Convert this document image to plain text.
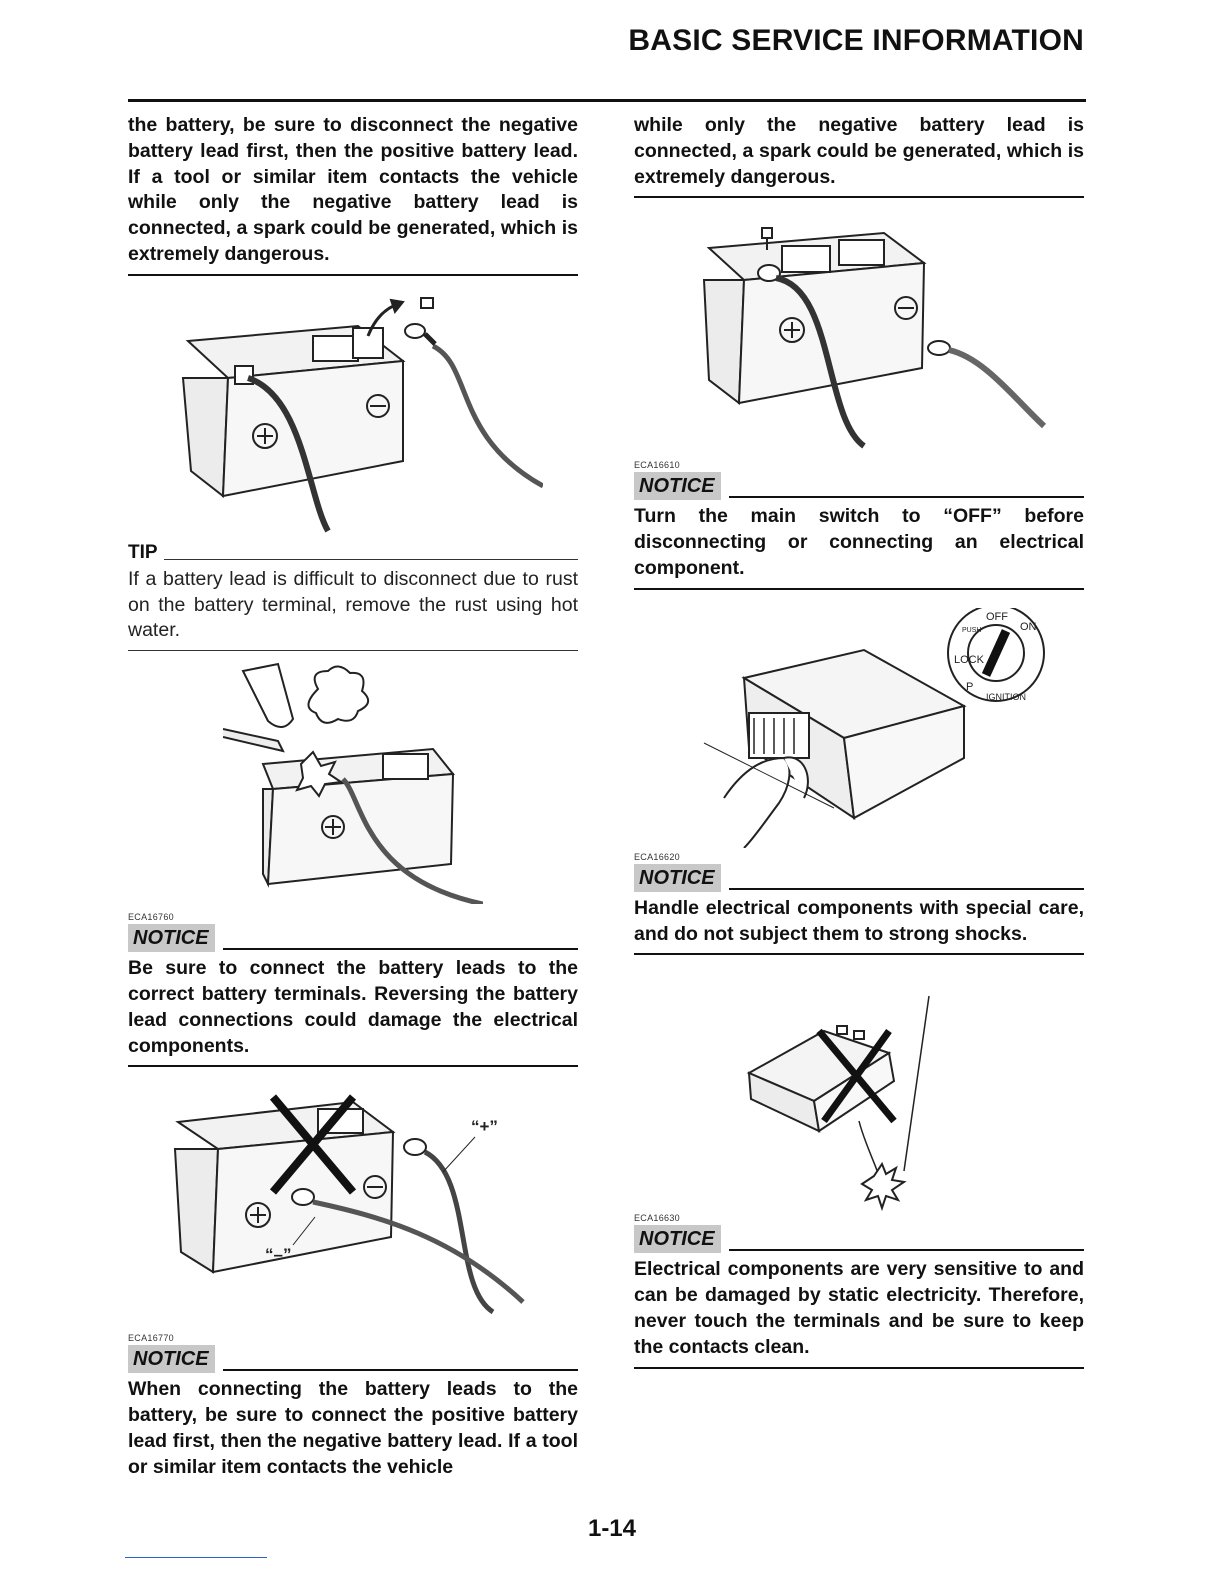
BASIC SERVICE INFORMATION

the battery, be sure to disconnect the negative battery lead first, then the positive battery lead. If a tool or similar item contacts the vehicle while only the negative battery lead is connected, a spark could be generated, which is extremely dangerous.

TIP

If a battery lead is difficult to disconnect due to rust on the battery terminal, remove the rust using hot water.

ECA16760

NOTICE

Be sure to connect the battery leads to the correct battery terminals. Reversing the battery lead connections could damage the electrical components.

“+”
“–”

ECA16770

NOTICE

When connecting the battery leads to the battery, be sure to connect the positive battery lead first, then the negative battery lead. If a tool or similar item contacts the vehicle

while only the negative battery lead is connected, a spark could be generated, which is extremely dangerous.

ECA16610

NOTICE

Turn the main switch to “OFF” before disconnecting or connecting an electrical component.

OFF
ON
PUSH
LOCK
P
IGNITION

ECA16620

NOTICE

Handle electrical components with special care, and do not subject them to strong shocks.

ECA16630

NOTICE

Electrical components are very sensitive to and can be damaged by static electricity. Therefore, never touch the terminals and be sure to keep the contacts clean.

1-14
